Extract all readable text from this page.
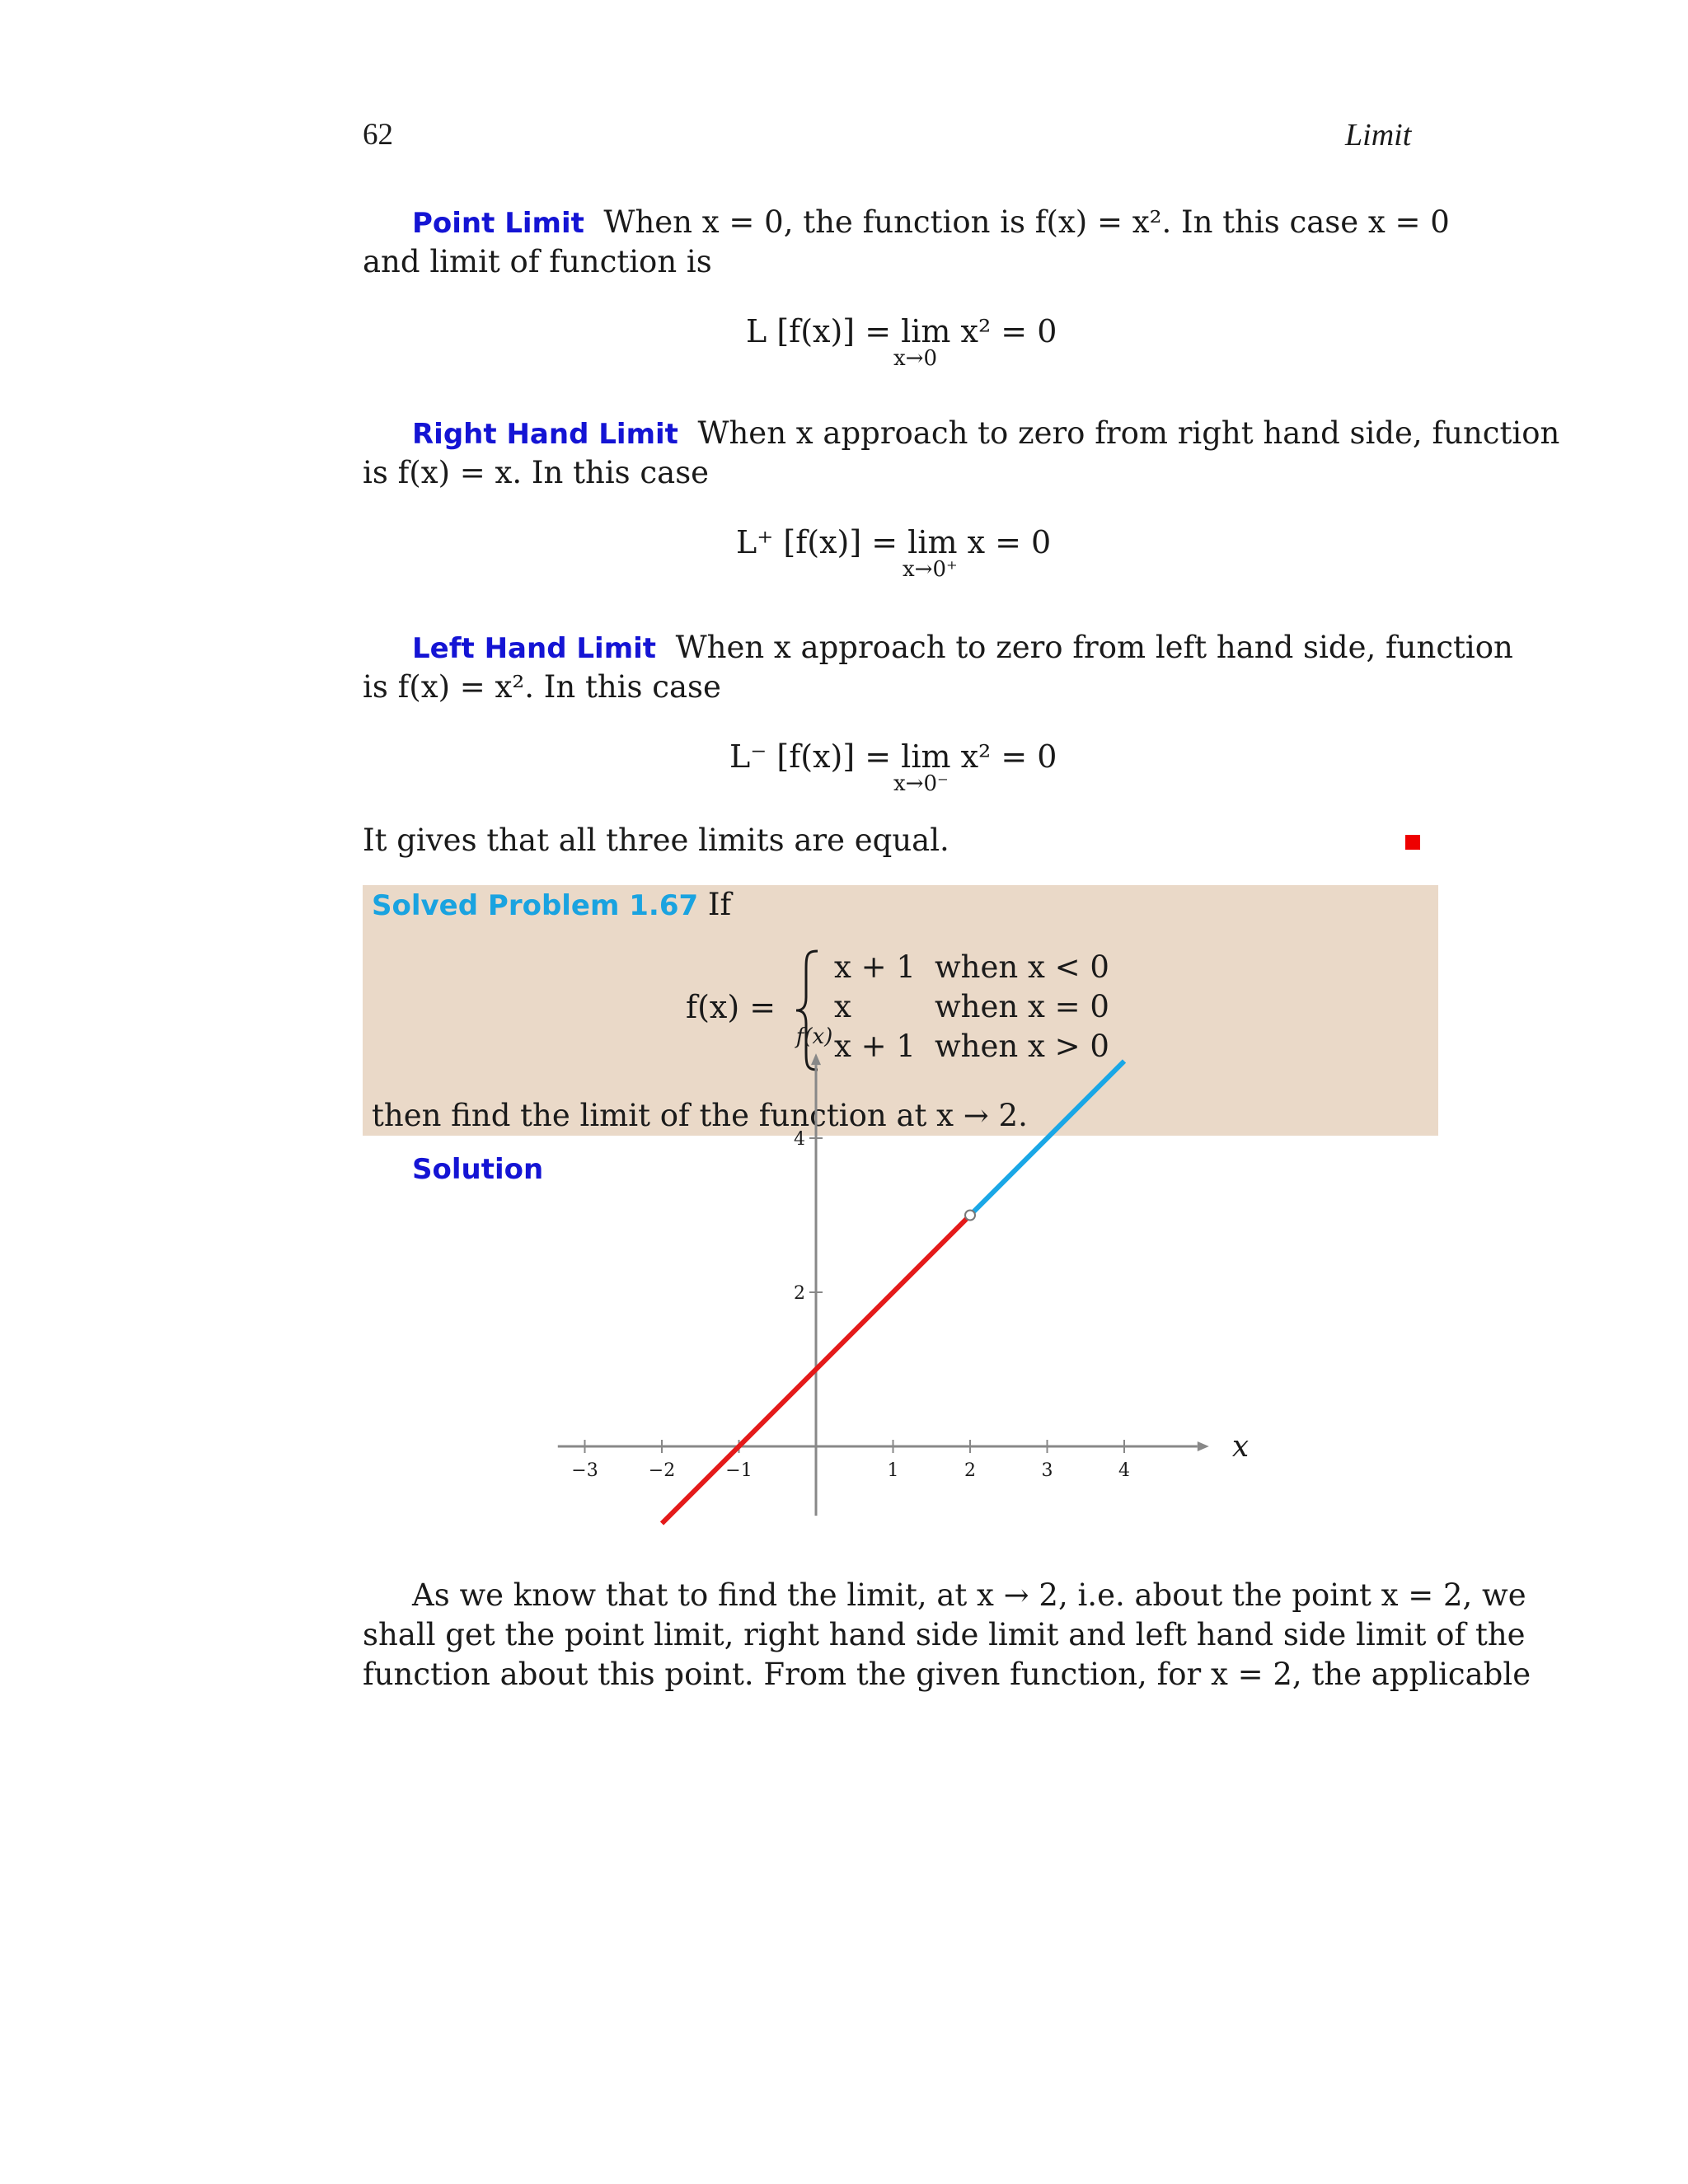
62	Limit
Point Limit When x = 0, the function is f(x) = x². In this case x = 0
and limit of function is
L [f(x)] = lim x² = 0
x→0
Right Hand Limit When x approach to zero from right hand side, function
is f(x) = x. In this case
L⁺ [f(x)] = lim x = 0
x→0⁺
Left Hand Limit When x approach to zero from left hand side, function
is f(x) = x². In this case
L⁻ [f(x)] = lim x² = 0
x→0⁻
It gives that all three limits are equal.
Solved Problem 1.67 If
f(x) =
x + 1 when x < 0
x	when x = 0
x + 1 when x > 0
then find the limit of the function at x → 2.
Solution
−3	−2	−1	1	2	3	4
2
4
f(x)
x
As we know that to find the limit, at x → 2, i.e. about the point x = 2, we
shall get the point limit, right hand side limit and left hand side limit of the
function about this point. From the given function, for x = 2, the applicable
